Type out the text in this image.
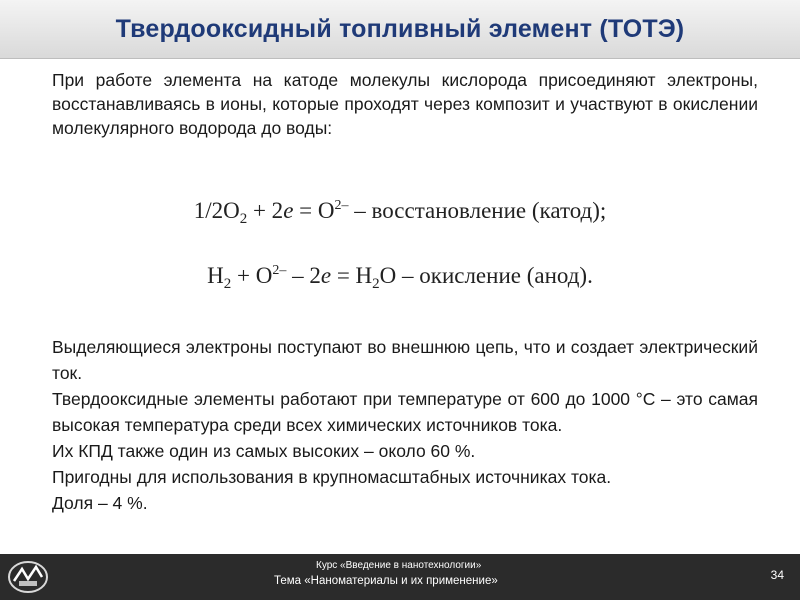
Твердооксидный топливный элемент (ТОТЭ)

При работе элемента на катоде молекулы кислорода присоединяют электроны, восстанавливаясь в ионы, которые проходят через композит и участвуют в окислении молекулярного водорода до воды:

$1/2O_2 + 2e = O^{2-}$ – восстановление (катод);

$H_2 + O^{2-} - 2e = H_2O$ – окисление (анод).

Выделяющиеся электроны поступают во внешнюю цепь, что и создает электрический ток.

Твердооксидные элементы работают при температуре от 600 до 1000 °С – это самая высокая температура среди всех химических источников тока.

Их КПД также один из самых высоких – около 60 %.

Пригодны для использования в крупномасштабных источниках тока.

Доля – 4 %.

Курс «Введение в нанотехнологии»
Тема «Наноматериалы и их применение»	34
